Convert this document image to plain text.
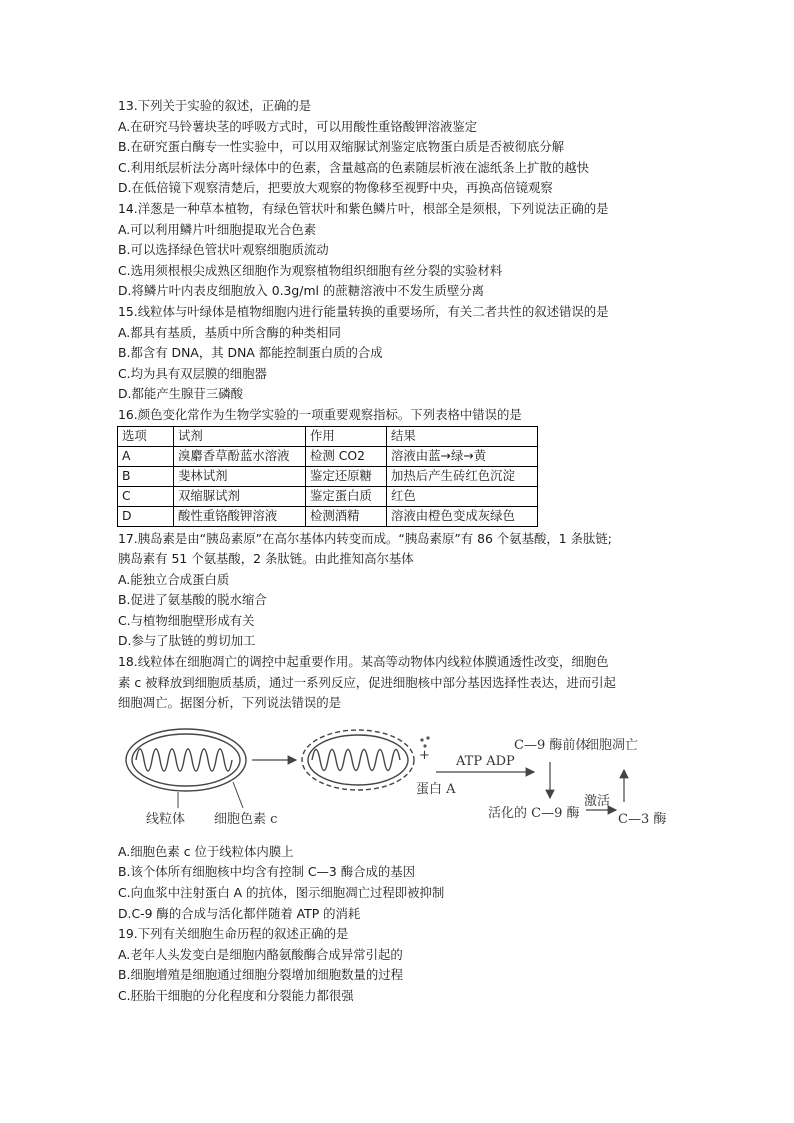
13.下列关于实验的叙述，正确的是
A.在研究马铃薯块茎的呼吸方式时，可以用酸性重铬酸钾溶液鉴定
B.在研究蛋白酶专一性实验中，可以用双缩脲试剂鉴定底物蛋白质是否被彻底分解
C.利用纸层析法分离叶绿体中的色素，含量越高的色素随层析液在滤纸条上扩散的越快
D.在低倍镜下观察清楚后，把要放大观察的物像移至视野中央，再换高倍镜观察
14.洋葱是一种草本植物，有绿色管状叶和紫色鳞片叶，根部全是须根，下列说法正确的是
A.可以利用鳞片叶细胞提取光合色素
B.可以选择绿色管状叶观察细胞质流动
C.选用须根根尖成熟区细胞作为观察植物组织细胞有丝分裂的实验材料
D.将鳞片叶内表皮细胞放入 0.3g/ml 的蔗糖溶液中不发生质壁分离
15.线粒体与叶绿体是植物细胞内进行能量转换的重要场所，有关二者共性的叙述错误的是
A.都具有基质，基质中所含酶的种类相同
B.都含有 DNA，其 DNA 都能控制蛋白质的合成
C.均为具有双层膜的细胞器
D.都能产生腺苷三磷酸
16.颜色变化常作为生物学实验的一项重要观察指标。下列表格中错误的是
选项	试剂	作用	结果
A	溴麝香草酚蓝水溶液	检测 CO2	溶液由蓝→绿→黄
B	斐林试剂	鉴定还原糖	加热后产生砖红色沉淀
C	双缩脲试剂	鉴定蛋白质	红色
D	酸性重铬酸钾溶液	检测酒精	溶液由橙色变成灰绿色
17.胰岛素是由“胰岛素原”在高尔基体内转变而成。“胰岛素原”有 86 个氨基酸，1 条肽链;
胰岛素有 51 个氨基酸，2 条肽链。由此推知高尔基体
A.能独立合成蛋白质
B.促进了氨基酸的脱水缩合
C.与植物细胞壁形成有关
D.参与了肽链的剪切加工
18.线粒体在细胞凋亡的调控中起重要作用。某高等动物体内线粒体膜通透性改变，细胞色
素 c 被释放到细胞质基质，通过一系列反应，促进细胞核中部分基因选择性表达，进而引起
细胞凋亡。据图分析，下列说法错误的是
线粒体 细胞色素 c
+
蛋白 A
ATP ADP
C—9 酶前体
细胞凋亡
活化的 C—9 酶
激活
C—3 酶
A.细胞色素 c 位于线粒体内膜上
B.该个体所有细胞核中均含有控制 C—3 酶合成的基因
C.向血浆中注射蛋白 A 的抗体，图示细胞凋亡过程即被抑制
D.C-9 酶的合成与活化都伴随着 ATP 的消耗
19.下列有关细胞生命历程的叙述正确的是
A.老年人头发变白是细胞内酪氨酸酶合成异常引起的
B.细胞增殖是细胞通过细胞分裂增加细胞数量的过程
C.胚胎干细胞的分化程度和分裂能力都很强
